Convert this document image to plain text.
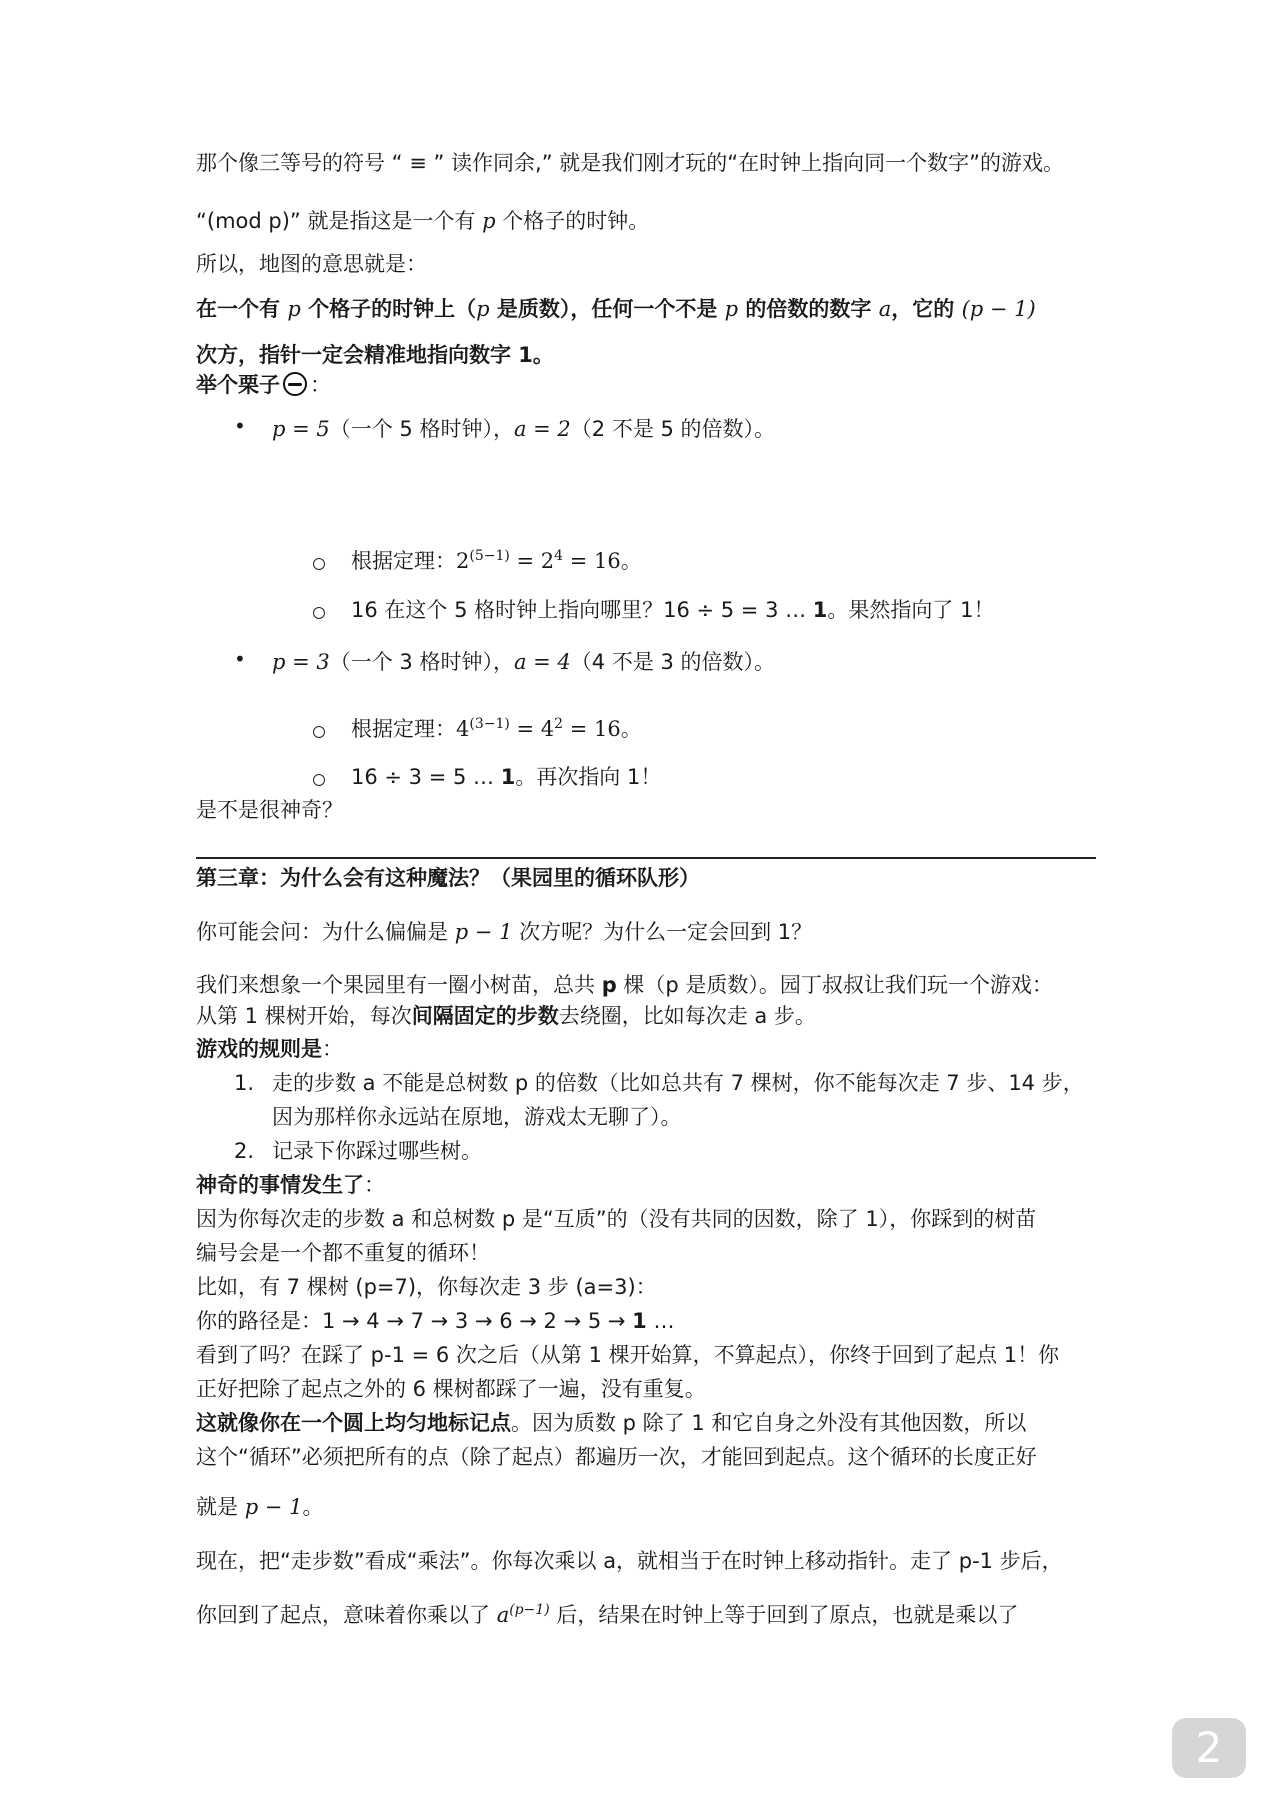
那个像三等号的符号 “ ≡ ” 读作同余,” 就是我们刚才玩的“在时钟上指向同一个数字”的游戏。
“(mod p)” 就是指这是一个有 p 个格子的时钟。
所以，地图的意思就是：
在一个有 p 个格子的时钟上（p 是质数），任何一个不是 p 的倍数的数字 a，它的 (p − 1)
次方，指针一定会精准地指向数字 1。
举个栗子 ：
• p = 5（一个 5 格时钟），a = 2（2 不是 5 的倍数）。
根据定理：$2^{(5-1)} = 2^4 = 16$。
16 在这个 5 格时钟上指向哪里？16 ÷ 5 = 3 … 1。果然指向了 1！
• p = 3（一个 3 格时钟），a = 4（4 不是 3 的倍数）。
根据定理：$4^{(3-1)} = 4^2 = 16$。
16 ÷ 3 = 5 … 1。再次指向 1！
是不是很神奇？
第三章：为什么会有这种魔法？（果园里的循环队形）
你可能会问：为什么偏偏是 p − 1 次方呢？为什么一定会回到 1？
我们来想象一个果园里有一圈小树苗，总共 p 棵（p 是质数）。园丁叔叔让我们玩一个游戏：
从第 1 棵树开始，每次间隔固定的步数去绕圈，比如每次走 a 步。
游戏的规则是：
1. 走的步数 a 不能是总树数 p 的倍数（比如总共有 7 棵树，你不能每次走 7 步、14 步，
因为那样你永远站在原地，游戏太无聊了）。
2. 记录下你踩过哪些树。
神奇的事情发生了：
因为你每次走的步数 a 和总树数 p 是“互质”的（没有共同的因数，除了 1），你踩到的树苗
编号会是一个都不重复的循环！
比如，有 7 棵树 (p=7)，你每次走 3 步 (a=3)：
你的路径是：1 → 4 → 7 → 3 → 6 → 2 → 5 → 1 …
看到了吗？在踩了 p-1 = 6 次之后（从第 1 棵开始算，不算起点），你终于回到了起点 1！你
正好把除了起点之外的 6 棵树都踩了一遍，没有重复。
这就像你在一个圆上均匀地标记点。因为质数 p 除了 1 和它自身之外没有其他因数，所以
这个“循环”必须把所有的点（除了起点）都遍历一次，才能回到起点。这个循环的长度正好
就是 p − 1。
现在，把“走步数”看成“乘法”。你每次乘以 a，就相当于在时钟上移动指针。走了 p-1 步后，
你回到了起点，意味着你乘以了 $a^{(p-1)}$ 后，结果在时钟上等于回到了原点，也就是乘以了
2
